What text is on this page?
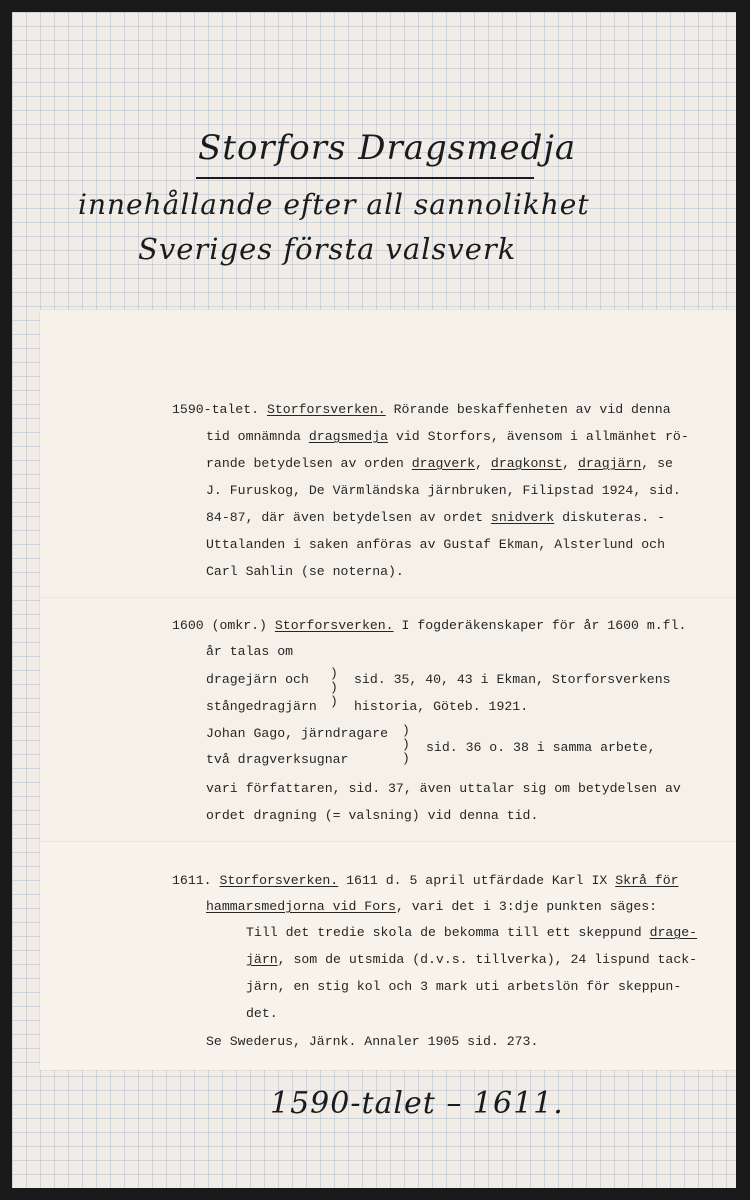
Storfors Dragsmedja
innehållande efter all sannolikhet
Sveriges första valsverk
1590-talet. Storforsverken. Rörande beskaffenheten av vid denna
tid omnämnda dragsmedja vid Storfors, ävensom i allmänhet rö-
rande betydelsen av orden dragverk, dragkonst, dragjärn, se
J. Furuskog, De Värmländska järnbruken, Filipstad 1924, sid.
84-87, där även betydelsen av ordet snidverk diskuteras. -
Uttalanden i saken anföras av Gustaf Ekman, Alsterlund och
Carl Sahlin (se noterna).
1600 (omkr.) Storforsverken. I fogderäkenskaper för år 1600 m.fl.
år talas om
dragejärn och
stångedragjärn
)
)
)
sid. 35, 40, 43 i Ekman, Storforsverkens
historia, Göteb. 1921.
Johan Gago, järndragare
två dragverksugnar
)
)
)
sid. 36 o. 38 i samma arbete,
vari författaren, sid. 37, även uttalar sig om betydelsen av
ordet dragning (= valsning) vid denna tid.
1611. Storforsverken. 1611 d. 5 april utfärdade Karl IX Skrå för
hammarsmedjorna vid Fors, vari det i 3:dje punkten säges:
Till det tredie skola de bekomma till ett skeppund drage-
järn, som de utsmida (d.v.s. tillverka), 24 lispund tack-
järn, en stig kol och 3 mark uti arbetslön för skeppun-
det.
Se Swederus, Järnk. Annaler 1905 sid. 273.
1590-talet – 1611.
